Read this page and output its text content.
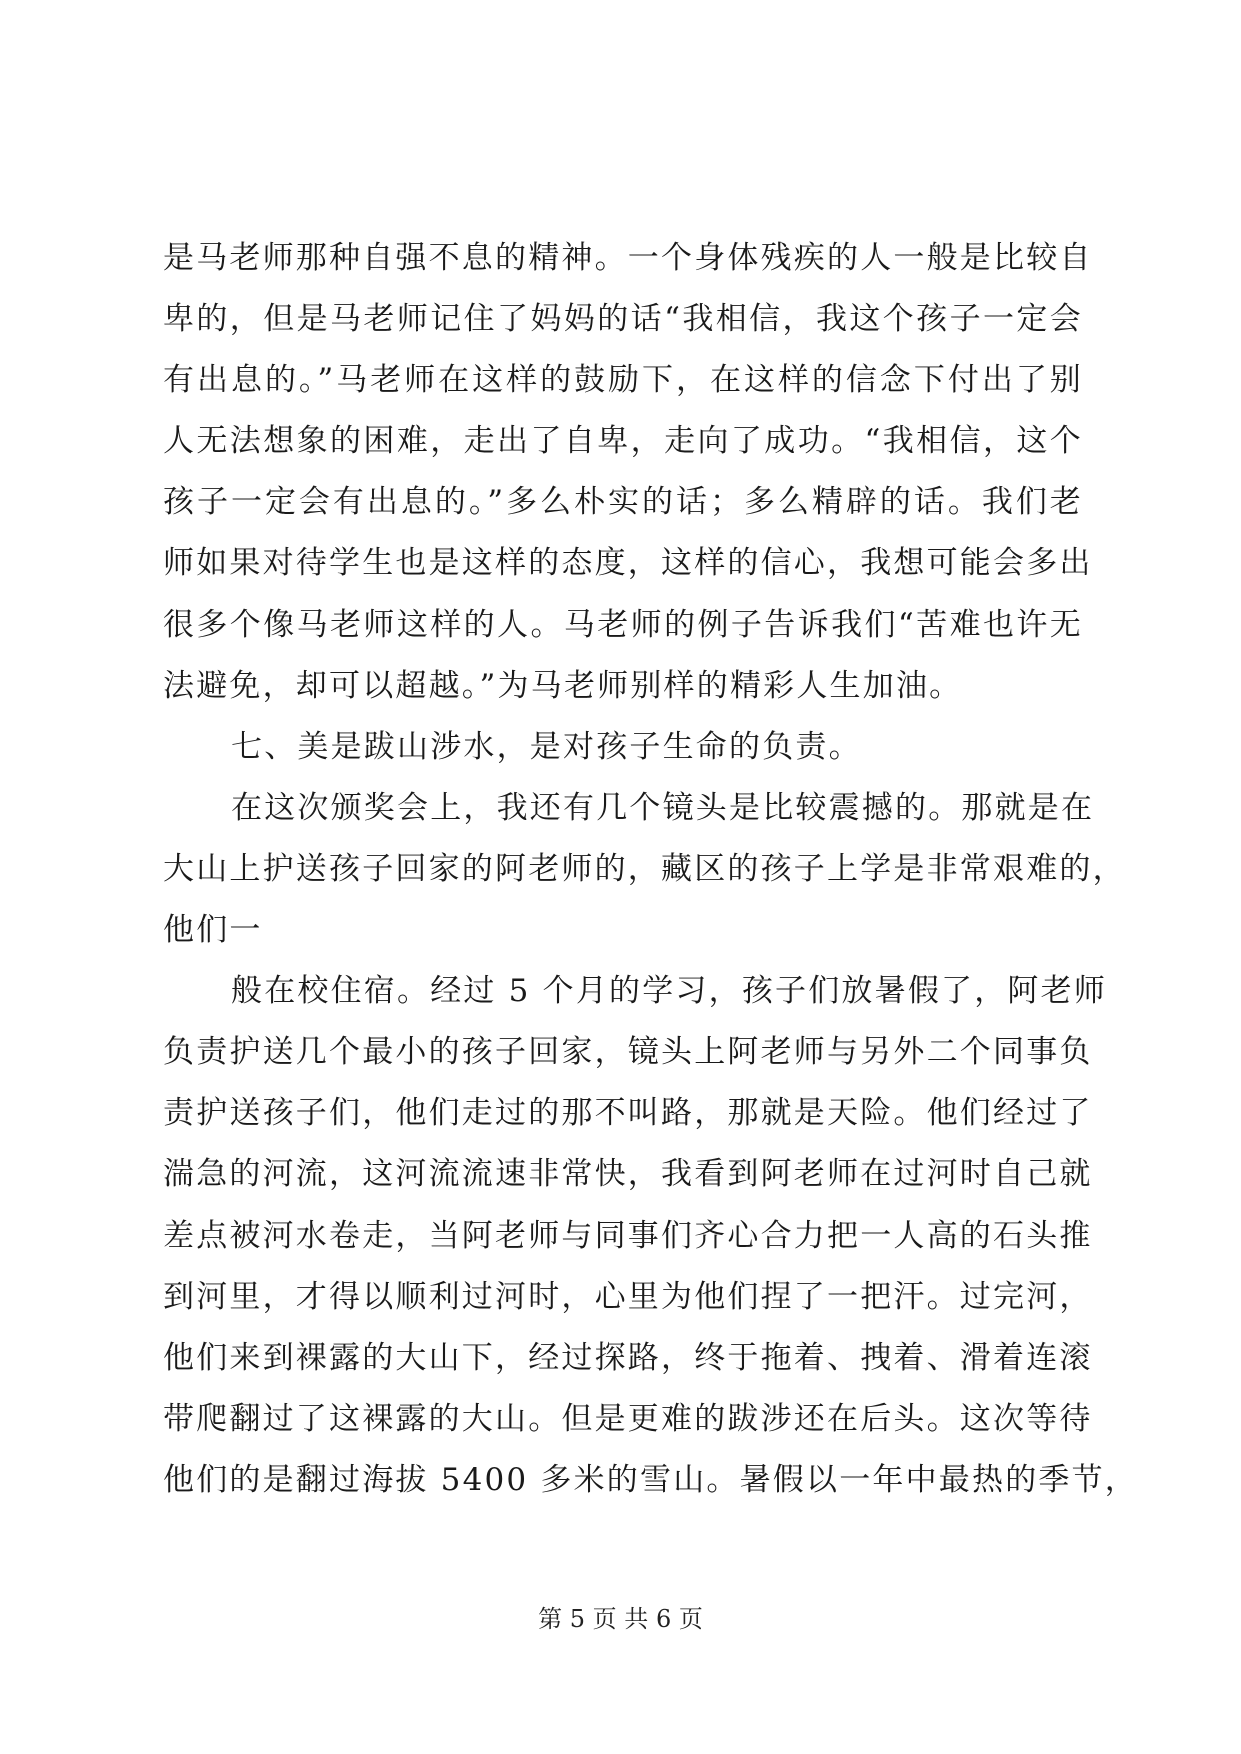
是马老师那种自强不息的精神。一个身体残疾的人一般是比较自
卑的，但是马老师记住了妈妈的话“我相信，我这个孩子一定会
有出息的。”马老师在这样的鼓励下，在这样的信念下付出了别
人无法想象的困难，走出了自卑，走向了成功。“我相信，这个
孩子一定会有出息的。”多么朴实的话；多么精辟的话。我们老
师如果对待学生也是这样的态度，这样的信心，我想可能会多出
很多个像马老师这样的人。马老师的例子告诉我们“苦难也许无
法避免，却可以超越。”为马老师别样的精彩人生加油。
七、美是跋山涉水，是对孩子生命的负责。
在这次颁奖会上，我还有几个镜头是比较震撼的。那就是在
大山上护送孩子回家的阿老师的，藏区的孩子上学是非常艰难的，
他们一
般在校住宿。经过 5 个月的学习，孩子们放暑假了，阿老师
负责护送几个最小的孩子回家，镜头上阿老师与另外二个同事负
责护送孩子们，他们走过的那不叫路，那就是天险。他们经过了
湍急的河流，这河流流速非常快，我看到阿老师在过河时自己就
差点被河水卷走，当阿老师与同事们齐心合力把一人高的石头推
到河里，才得以顺利过河时，心里为他们捏了一把汗。过完河，
他们来到裸露的大山下，经过探路，终于拖着、拽着、滑着连滚
带爬翻过了这裸露的大山。但是更难的跋涉还在后头。这次等待
他们的是翻过海拔 5400 多米的雪山。暑假以一年中最热的季节，
第 5 页 共 6 页
